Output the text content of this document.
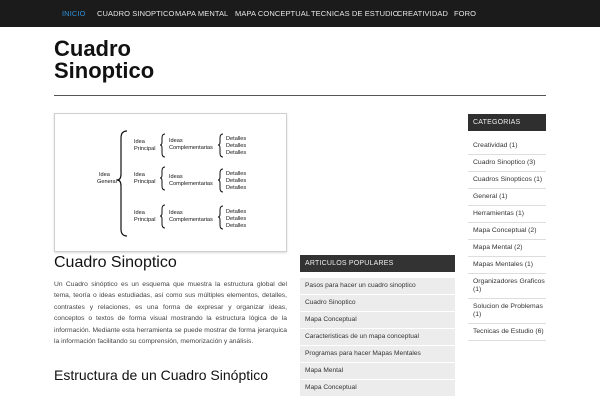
INICIO CUADRO SINOPTICO MAPA MENTAL MAPA CONCEPTUAL TECNICAS DE ESTUDIO
CREATIVIDAD FORO
Cuadro
Sinoptico
Idea
General
Idea
Principal
Ideas
Complementarias
Detalles
Detalles
Detalles
Idea
Principal
Ideas
Complementarias
Detalles
Detalles
Detalles
Idea
Principal
Ideas
Complementarias
Detalles
Detalles
Detalles
Cuadro Sinoptico
Un Cuadro sinóptico es un esquema que muestra la estructura global del tema, teoría o ideas estudiadas, así como sus múltiples elementos, detalles, contrastes y relaciones, es una forma de expresar y organizar ideas, conceptos o textos de forma visual mostrando la estructura lógica de la información. Mediante esta herramienta se puede mostrar de forma jerarquica la información facilitando su comprensión, memorización y análisis.
Estructura de un Cuadro Sinóptico
ARTICULOS POPULARES
Pasos para hacer un cuadro sinoptico
Cuadro Sinoptico
Mapa Conceptual
Caracteristicas de un mapa conceptual
Programas para hacer Mapas Mentales
Mapa Mental
Mapa Conceptual
CATEGORIAS
Creatividad (1)
Cuadro Sinoptico (3)
Cuadros Sinopticos (1)
General (1)
Herramientas (1)
Mapa Conceptual (2)
Mapa Mental (2)
Mapas Mentales (1)
Organizadores Graficos (1)
Solucion de Problemas (1)
Tecnicas de Estudio (6)
